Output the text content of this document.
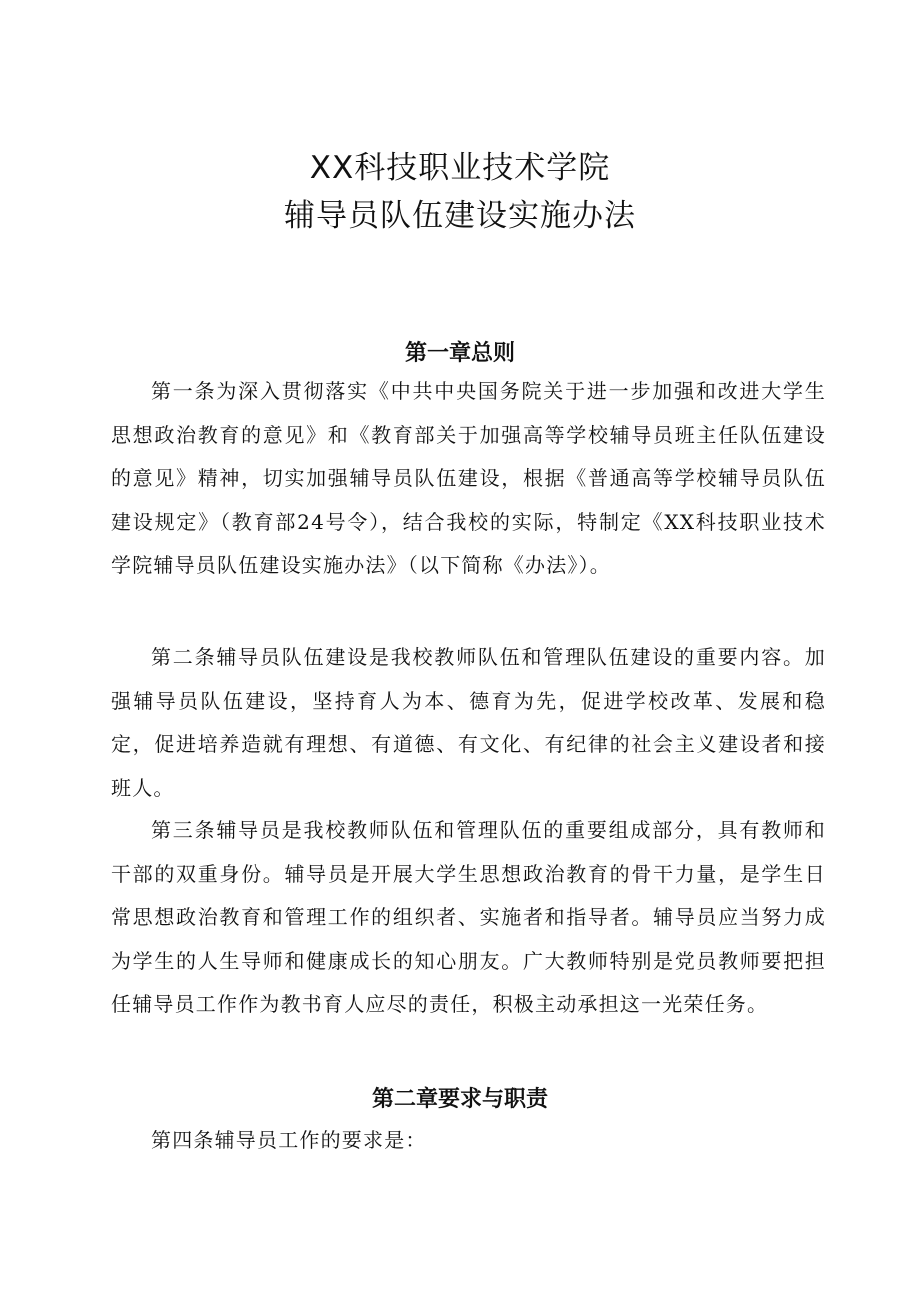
XX科技职业技术学院
辅导员队伍建设实施办法
第一章总则

第一条为深入贯彻落实《中共中央国务院关于进一步加强和改进大学生思想政治教育的意见》和《教育部关于加强高等学校辅导员班主任队伍建设的意见》精神，切实加强辅导员队伍建设，根据《普通高等学校辅导员队伍建设规定》（教育部24号令），结合我校的实际，特制定《XX科技职业技术学院辅导员队伍建设实施办法》（以下简称《办法》）。

第二条辅导员队伍建设是我校教师队伍和管理队伍建设的重要内容。加强辅导员队伍建设，坚持育人为本、德育为先，促进学校改革、发展和稳定，促进培养造就有理想、有道德、有文化、有纪律的社会主义建设者和接班人。

第三条辅导员是我校教师队伍和管理队伍的重要组成部分，具有教师和干部的双重身份。辅导员是开展大学生思想政治教育的骨干力量，是学生日常思想政治教育和管理工作的组织者、实施者和指导者。辅导员应当努力成为学生的人生导师和健康成长的知心朋友。广大教师特别是党员教师要把担任辅导员工作作为教书育人应尽的责任，积极主动承担这一光荣任务。

第二章要求与职责

第四条辅导员工作的要求是：
